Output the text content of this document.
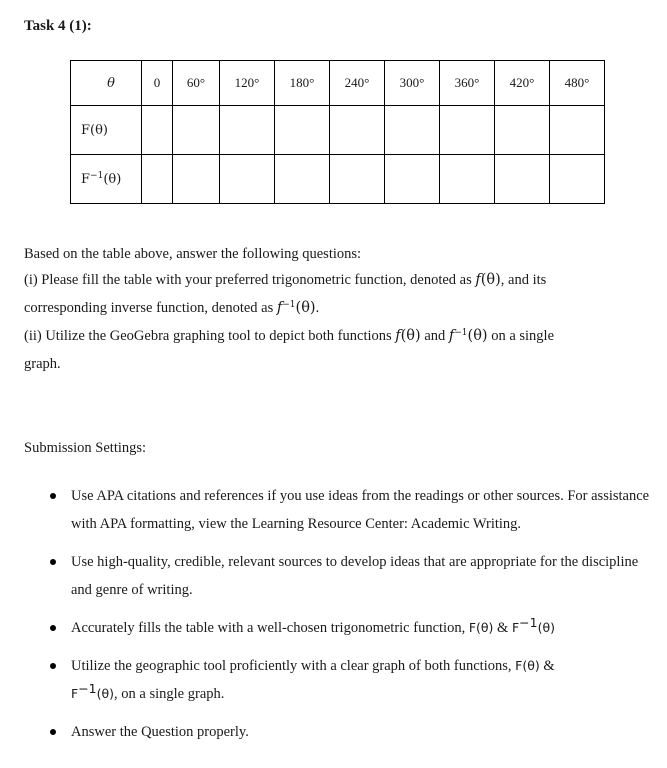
Task 4 (1):
θ	0	60°	120°	180°	240°	300°	360°	420°	480°
F(θ)									
$F^{-1}(\theta)$									
Based on the table above, answer the following questions:
(i) Please fill the table with your preferred trigonometric function, denoted as f(θ), and its
corresponding inverse function, denoted as $f^{-1}(\theta)$.
(ii) Utilize the GeoGebra graphing tool to depict both functions f(θ) and $f^{-1}(\theta)$ on a single
graph.
Submission Settings:
Use APA citations and references if you use ideas from the readings or other sources. For assistance with APA formatting, view the Learning Resource Center: Academic Writing.
Use high-quality, credible, relevant sources to develop ideas that are appropriate for the discipline and genre of writing.
Accurately fills the table with a well-chosen trigonometric function, F(θ) & $F^{-1}(\theta)$
Utilize the geographic tool proficiently with a clear graph of both functions, F(θ) &
$F^{-1}(\theta)$, on a single graph.
Answer the Question properly.
